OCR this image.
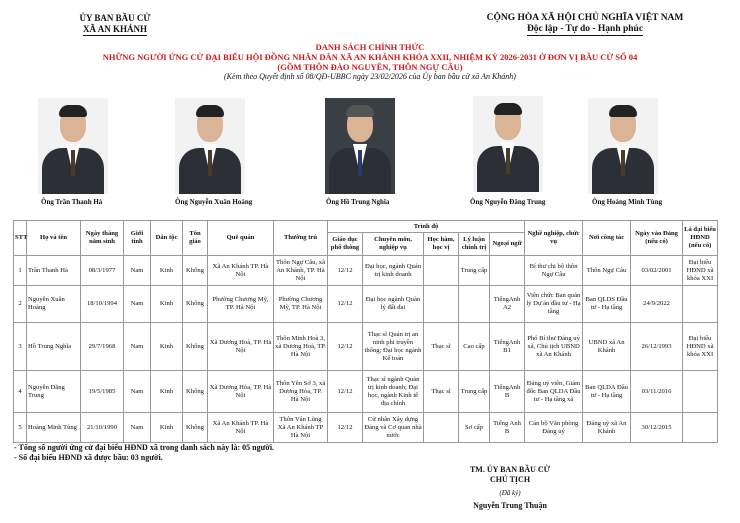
ỦY BAN BẦU CỬ
XÃ AN KHÁNH
CỘNG HÒA XÃ HỘI CHỦ NGHĨA VIỆT NAM
Độc lập - Tự do - Hạnh phúc
DANH SÁCH CHÍNH THỨC
NHỮNG NGƯỜI ỨNG CỬ ĐẠI BIỂU HỘI ĐỒNG NHÂN DÂN XÃ AN KHÁNH KHÓA XXII, NHIỆM KỲ 2026-2031 Ở ĐƠN VỊ BẦU CỬ SỐ 04
(GỒM THÔN ĐÀO NGUYÊN, THÔN NGỰ CẦU)
(Kèm theo Quyết định số 08/QĐ-UBBC ngày 23/02/2026 của Ủy ban bầu cử xã An Khánh)
Ông Trần Thanh Hà	Ông Nguyễn Xuân Hoàng	Ông Hồ Trung Nghĩa	Ông Nguyễn Đăng Trung	Ông Hoàng Minh Tùng
STT	Họ và tên	Ngày tháng năm sinh	Giới tính	Dân tộc	Tôn giáo	Quê quán	Thường trú	Trình độ					Nghề nghiệp, chức vụ	Nơi công tác	Ngày vào Đảng (nếu có)	Là đại biểu HĐND (nếu có)
								Giáo dục phổ thông	Chuyên môn, nghiệp vụ	Học hàm, học vị	Lý luận chính trị	Ngoại ngữ				
1	Trần Thanh Hà	08/3/1977	Nam	Kinh	Không	Xã An Khánh TP. Hà Nội	Thôn Ngự Câu, xã An Khánh, TP. Hà Nội	12/12	Đại học, ngành Quản trị kinh doanh		Trung cấp		Bí thư chi bộ thôn Ngự Câu	Thôn Ngự Câu	03/02/2001	Đại biểu HĐND xã khóa XXI
2	Nguyễn Xuân Hoàng	18/10/1994	Nam	Kinh	Không	Phường Chương Mỹ, TP. Hà Nội	Phường Chương Mỹ, TP. Hà Nội	12/12	Đại học ngành Quản lý đất đai			TiếngAnh A2	Viên chức Ban quản lý Dự án đầu tư - Hạ tầng	Ban QLDS Đầu tư - Hạ tầng	24/9/2022	
3	Hồ Trung Nghĩa	29/7/1968	Nam	Kinh	Không	Xã Dương Hoà, TP. Hà Nội	Thôn Minh Hoà 3, xã Dương Hoà, TP. Hà Nội	12/12	Thạc sĩ Quản trị an ninh phi truyền thống; Đại học ngành Kế toán	Thạc sĩ	Cao cấp	TiếngAnh B1	Phó Bí thư Đảng uỷ xã, Chủ tịch UBND xã An Khánh	UBND xã An Khánh	26/12/1993	Đại biểu HĐND xã khóa XXI
4	Nguyễn Đăng Trung	19/5/1985	Nam	Kinh	Không	Xã Dương Hòa, TP. Hà Nội	Thôn Yên Sở 3, xã Dương Hòa, TP. Hà Nội	12/12	Thạc sĩ ngành Quản trị kinh doanh; Đại học, ngành Kinh tế địa chính	Thạc sĩ	Trung cấp	TiếngAnh B	Đảng uỷ viên, Giám đốc Ban QLDA Đầu tư - Hạ tầng xã	Ban QLDA Đầu tư - Hạ tầng	03/11/2016	
5	Hoàng Minh Tùng	21/10/1990	Nam	Kinh	Không	Xã An Khánh TP. Hà Nội	Thôn Vân Lũng Xã An Khánh TP Hà Nội	12/12	Cử nhân Xây dựng Đảng và Cơ quan nhà nước		Sơ cấp	Tiếng Anh B	Cán bộ Văn phòng Đảng uỷ	Đảng uỷ xã An Khánh	30/12/2015	
- Tổng số người ứng cử đại biểu HĐND xã trong danh sách này là: 05 người.
- Số đại biểu HĐND xã được bầu: 03 người.
TM. ỦY BAN BẦU CỬ
CHỦ TỊCH
(Đã ký)
Nguyễn Trung Thuận
